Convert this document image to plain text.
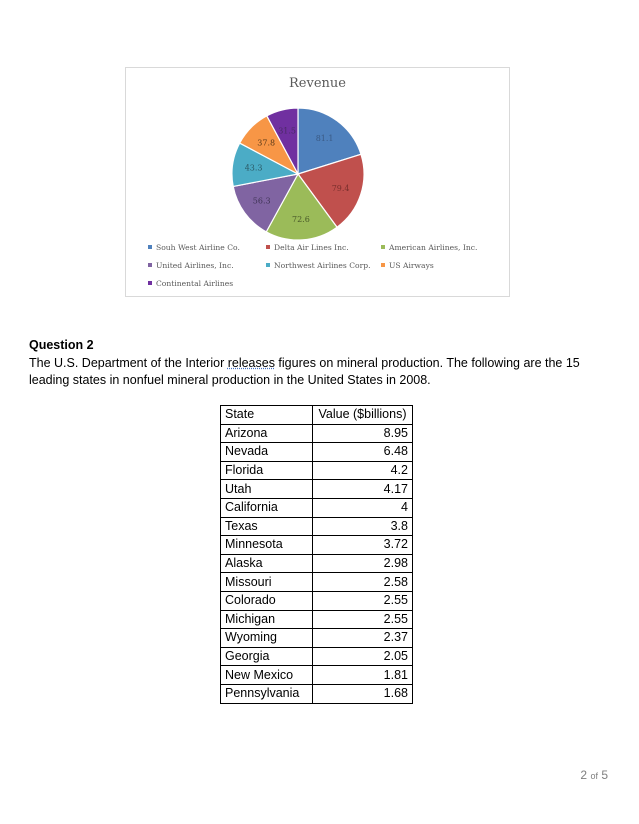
Revenue
81.1
79.4
72.6
56.3
43.3
37.8
31.5
Souh West Airline Co.	Delta Air Lines Inc.	American Airlines, Inc.
United Airlines, Inc.	Northwest Airlines Corp.	US Airways
Continental Airlines
Question 2
The U.S. Department of the Interior releases figures on mineral production. The following are the 15 leading states in nonfuel mineral production in the United States in 2008.
State	Value ($billions)
Arizona	8.95
Nevada	6.48
Florida	4.2
Utah	4.17
California	4
Texas	3.8
Minnesota	3.72
Alaska	2.98
Missouri	2.58
Colorado	2.55
Michigan	2.55
Wyoming	2.37
Georgia	2.05
New Mexico	1.81
Pennsylvania	1.68
2 of 5
